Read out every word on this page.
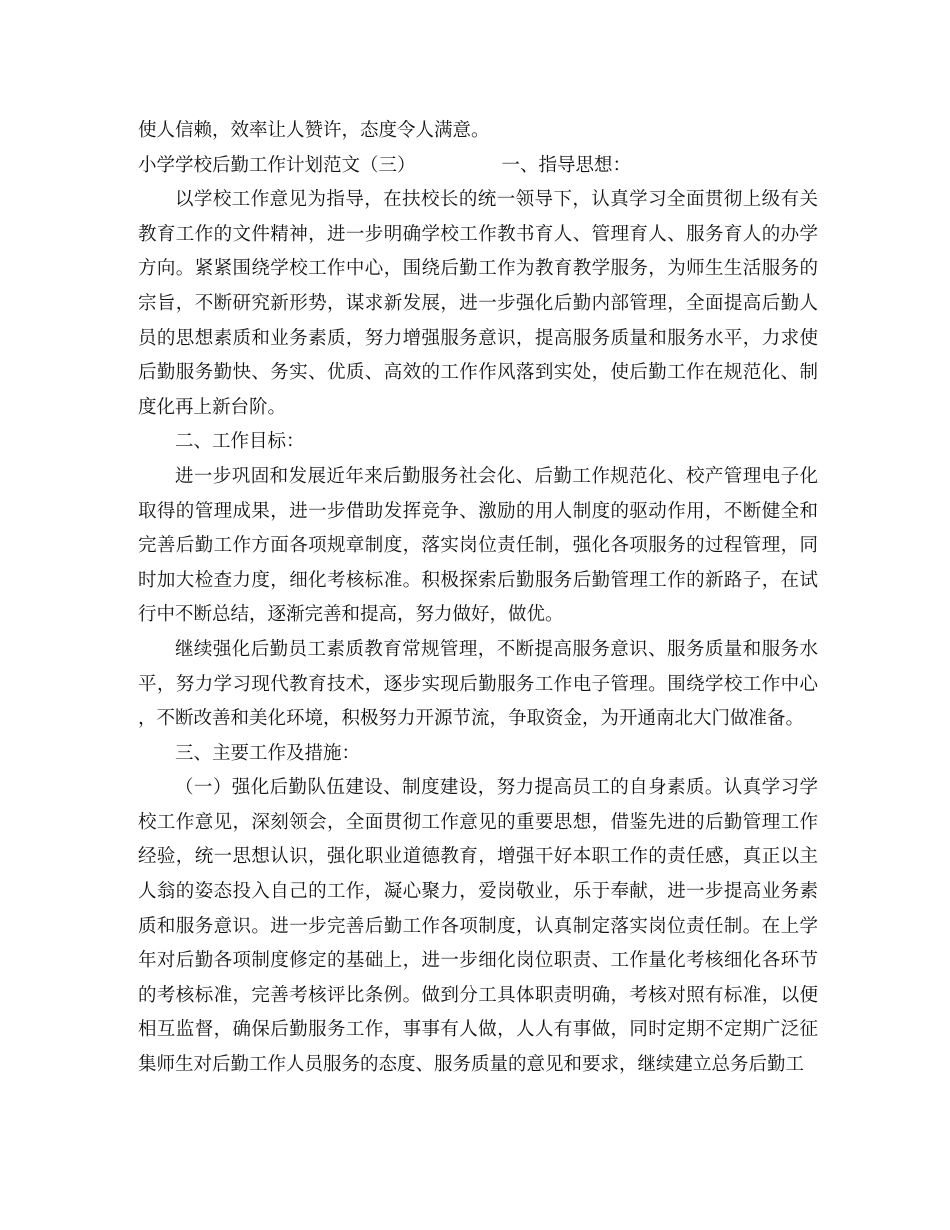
使人信赖，效率让人赞许，态度令人满意。

小学学校后勤工作计划范文（三）	一、指导思想：

以学校工作意见为指导，在扶校长的统一领导下，认真学习全面贯彻上级有关教育工作的文件精神，进一步明确学校工作教书育人、管理育人、服务育人的办学方向。紧紧围绕学校工作中心，围绕后勤工作为教育教学服务，为师生生活服务的宗旨，不断研究新形势，谋求新发展，进一步强化后勤内部管理，全面提高后勤人员的思想素质和业务素质，努力增强服务意识，提高服务质量和服务水平，力求使后勤服务勤快、务实、优质、高效的工作作风落到实处，使后勤工作在规范化、制度化再上新台阶。

二、工作目标：

进一步巩固和发展近年来后勤服务社会化、后勤工作规范化、校产管理电子化取得的管理成果，进一步借助发挥竞争、激励的用人制度的驱动作用，不断健全和完善后勤工作方面各项规章制度，落实岗位责任制，强化各项服务的过程管理，同时加大检查力度，细化考核标准。积极探索后勤服务后勤管理工作的新路子，在试行中不断总结，逐渐完善和提高，努力做好，做优。

继续强化后勤员工素质教育常规管理，不断提高服务意识、服务质量和服务水平，努力学习现代教育技术，逐步实现后勤服务工作电子管理。围绕学校工作中心，不断改善和美化环境，积极努力开源节流，争取资金，为开通南北大门做准备。

三、主要工作及措施：

（一）强化后勤队伍建设、制度建设，努力提高员工的自身素质。认真学习学校工作意见，深刻领会，全面贯彻工作意见的重要思想，借鉴先进的后勤管理工作经验，统一思想认识，强化职业道德教育，增强干好本职工作的责任感，真正以主人翁的姿态投入自己的工作，凝心聚力，爱岗敬业，乐于奉献，进一步提高业务素质和服务意识。进一步完善后勤工作各项制度，认真制定落实岗位责任制。在上学年对后勤各项制度修定的基础上，进一步细化岗位职责、工作量化考核细化各环节的考核标准，完善考核评比条例。做到分工具体职责明确，考核对照有标准，以便相互监督，确保后勤服务工作，事事有人做，人人有事做，同时定期不定期广泛征集师生对后勤工作人员服务的态度、服务质量的意见和要求，继续建立总务后勤工
